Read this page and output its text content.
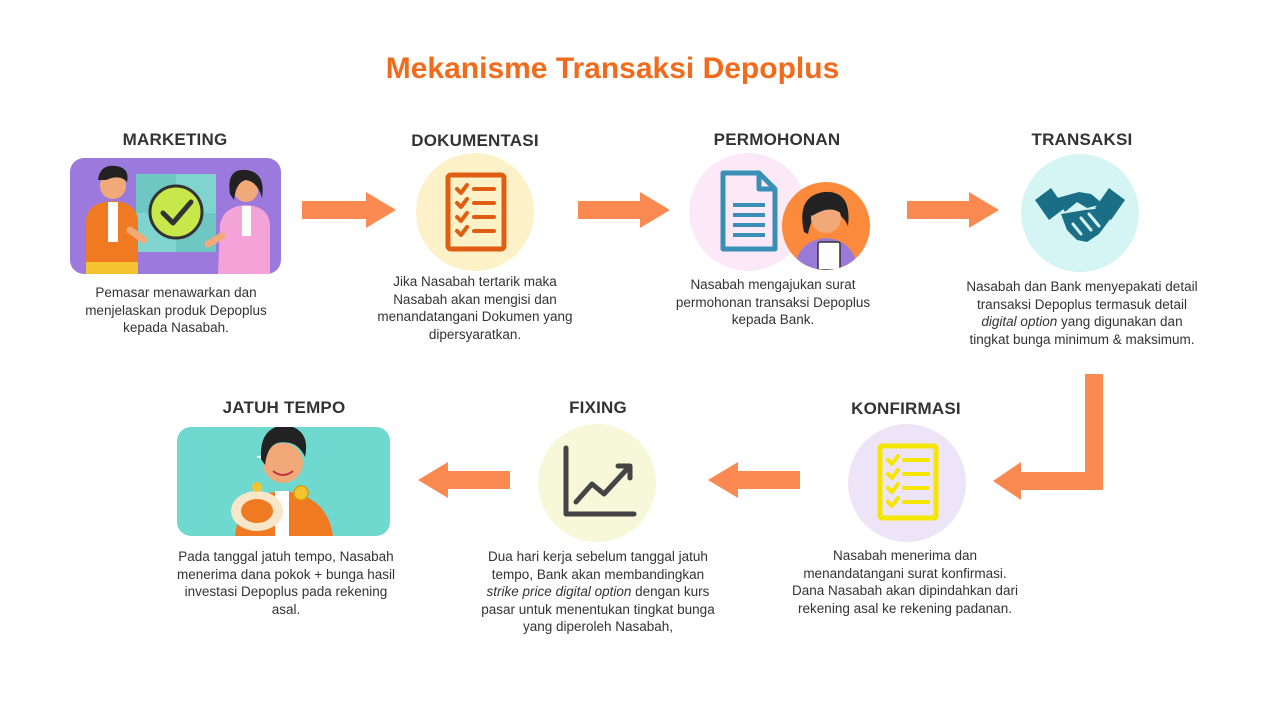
Mekanisme Transaksi Depoplus
MARKETING
Pemasar menawarkan dan menjelaskan produk Depoplus kepada Nasabah.
DOKUMENTASI
Jika Nasabah tertarik maka Nasabah akan mengisi dan menandatangani Dokumen yang dipersyaratkan.
PERMOHONAN
Nasabah mengajukan surat permohonan transaksi Depoplus kepada Bank.
TRANSAKSI
Nasabah dan Bank menyepakati detail transaksi Depoplus termasuk detail digital option yang digunakan dan tingkat bunga minimum & maksimum.
JATUH TEMPO
Pada tanggal jatuh tempo, Nasabah menerima dana pokok + bunga hasil investasi Depoplus pada rekening asal.
FIXING
Dua hari kerja sebelum tanggal jatuh tempo, Bank akan membandingkan strike price digital option dengan kurs pasar untuk menentukan tingkat bunga yang diperoleh Nasabah,
KONFIRMASI
Nasabah menerima dan menandatangani surat konfirmasi. Dana Nasabah akan dipindahkan dari rekening asal ke rekening padanan.
